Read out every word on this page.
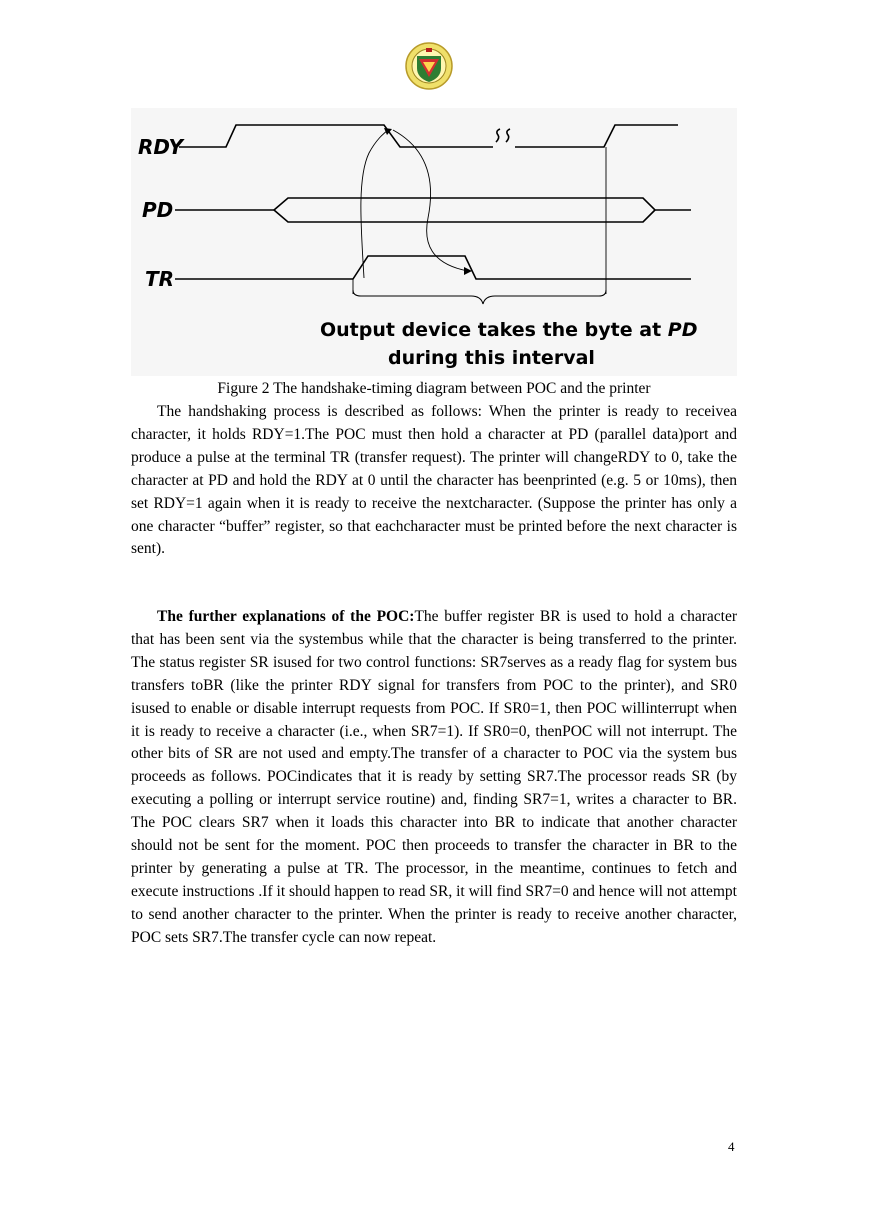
RDY
PD
TR
Output device takes the byte at PD
during this interval
Figure 2 The handshake-timing diagram between POC and the printer

The handshaking process is described as follows: When the printer is ready to receivea character, it holds RDY=1.The POC must then hold a character at PD (parallel data)port and produce a pulse at the terminal TR (transfer request). The printer will changeRDY to 0, take the character at PD and hold the RDY at 0 until the character has beenprinted (e.g. 5 or 10ms), then set RDY=1 again when it is ready to receive the nextcharacter. (Suppose the printer has only a one character “buffer” register, so that eachcharacter must be printed before the next character is sent).

The further explanations of the POC:The buffer register BR is used to hold a character that has been sent via the systembus while that the character is being transferred to the printer. The status register SR isused for two control functions: SR7serves as a ready flag for system bus transfers toBR (like the printer RDY signal for transfers from POC to the printer), and SR0 isused to enable or disable interrupt requests from POC. If SR0=1, then POC willinterrupt when it is ready to receive a character (i.e., when SR7=1). If SR0=0, thenPOC will not interrupt. The other bits of SR are not used and empty.The transfer of a character to POC via the system bus proceeds as follows. POCindicates that it is ready by setting SR7.The processor reads SR (by executing a polling or interrupt service routine) and, finding SR7=1, writes a character to BR. The POC clears SR7 when it loads this character into BR to indicate that another character should not be sent for the moment. POC then proceeds to transfer the character in BR to the printer by generating a pulse at TR. The processor, in the meantime, continues to fetch and execute instructions .If it should happen to read SR, it will find SR7=0 and hence will not attempt to send another character to the printer. When the printer is ready to receive another character, POC sets SR7.The transfer cycle can now repeat.

4
